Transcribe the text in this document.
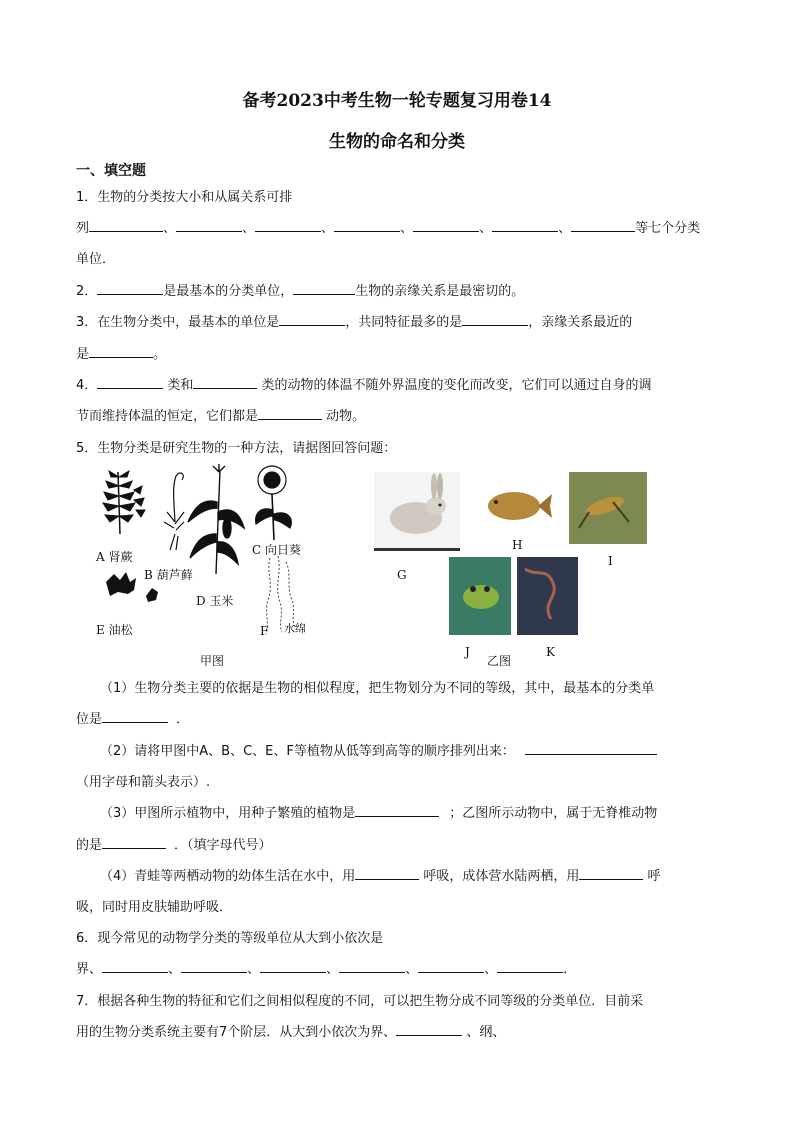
备考2023中考生物一轮专题复习用卷14
生物的命名和分类
一、填空题
1．生物的分类按大小和从属关系可排
列	、	、	、	、	、	、	等七个分类
单位．
2．	是最基本的分类单位，	生物的亲缘关系是最密切的。
3．在生物分类中，最基本的单位是	，共同特征最多的是	，亲缘关系最近的
是	。
4．	类和	类的动物的体温不随外界温度的变化而改变，它们可以通过自身的调
节而维持体温的恒定，它们都是	动物。
5．生物分类是研究生物的一种方法，请据图回答问题：
A 肾蕨
B 葫芦藓
C 向日葵
D 玉米
E 油松	F 水绵
甲图
G
H
I
J
乙图
K
（1）生物分类主要的依据是生物的相似程度，把生物划分为不同的等级，其中，最基本的分类单
位是	．
（2）请将甲图中A、B、C、E、F等植物从低等到高等的顺序排列出来：
（用字母和箭头表示）.
（3）甲图所示植物中，用种子繁殖的植物是	；乙图所示动物中，属于无脊椎动物
的是	．（填字母代号）
（4）青蛙等两栖动物的幼体生活在水中，用	呼吸，成体营水陆两栖，用	呼
吸，同时用皮肤辅助呼吸．
6．现今常见的动物学分类的等级单位从大到小依次是
界、	、	、	、	、	、	．
7．根据各种生物的特征和它们之间相似程度的不同，可以把生物分成不同等级的分类单位．目前采
用的生物分类系统主要有7个阶层．从大到小依次为界、	、纲、
